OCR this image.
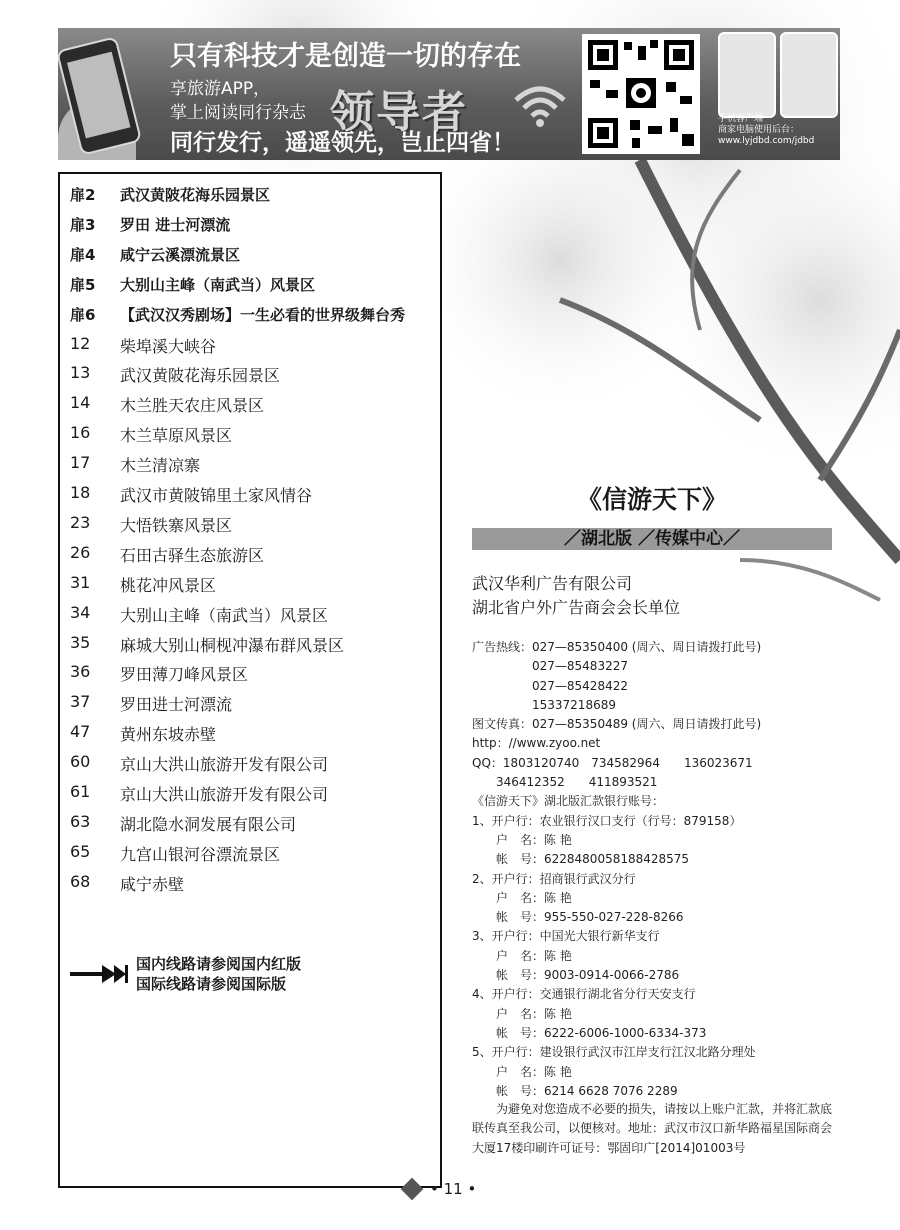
只有科技才是创造一切的存在
享旅游APP，
掌上阅读同行杂志 领导者
同行发行，遥遥领先，岂止四省！
手机客户端
商家电脑使用后台：
www.lyjdbd.com/jdbd
国内线路请参阅国内红版
国际线路请参阅国际版
扉2	武汉黄陂花海乐园景区
扉3	罗田 进士河漂流
扉4	咸宁云溪漂流景区
扉5	大别山主峰（南武当）风景区
扉6	【武汉汉秀剧场】一生必看的世界级舞台秀
12	柴埠溪大峡谷
13	武汉黄陂花海乐园景区
14	木兰胜天农庄风景区
16	木兰草原风景区
17	木兰清凉寨
18	武汉市黄陂锦里土家风情谷
23	大悟铁寨风景区
26	石田古驿生态旅游区
31	桃花冲风景区
34	大别山主峰（南武当）风景区
35	麻城大别山桐枧冲瀑布群风景区
36	罗田薄刀峰风景区
37	罗田进士河漂流
47	黄州东坡赤壁
60	京山大洪山旅游开发有限公司
61	京山大洪山旅游开发有限公司
63	湖北隐水洞发展有限公司
65	九宫山银河谷漂流景区
68	咸宁赤壁
《信游天下》
／湖北版 ／传媒中心／
武汉华利广告有限公司
湖北省户外广告商会会长单位
广告热线：027—85350400 (周六、周日请拨打此号)
　　　　　027—85483227
　　　　　027—85428422
　　　　　15337218689
图文传真：027—85350489 (周六、周日请拨打此号)
http：//www.zyoo.net
QQ：1803120740　734582964　　136023671
　　346412352　　411893521
《信游天下》湖北版汇款银行账号：
1、开户行：农业银行汉口支行（行号：879158）
　　户　名：陈 艳
　　帐　号：6228480058188428575
2、开户行：招商银行武汉分行
　　户　名：陈 艳
　　帐　号：955-550-027-228-8266
3、开户行：中国光大银行新华支行
　　户　名：陈 艳
　　帐　号：9003-0914-0066-2786
4、开户行：交通银行湖北省分行天安支行
　　户　名：陈 艳
　　帐　号：6222-6006-1000-6334-373
5、开户行：建设银行武汉市江岸支行江汉北路分理处
　　户　名：陈 艳
　　帐　号：6214 6628 7076 2289
　　为避免对您造成不必要的损失，请按以上账户汇款，并将汇款底联传真至我公司，以便核对。地址：武汉市汉口新华路福星国际商会大厦17楼印刷许可证号：鄂固印广[2014]01003号
• 11 •
